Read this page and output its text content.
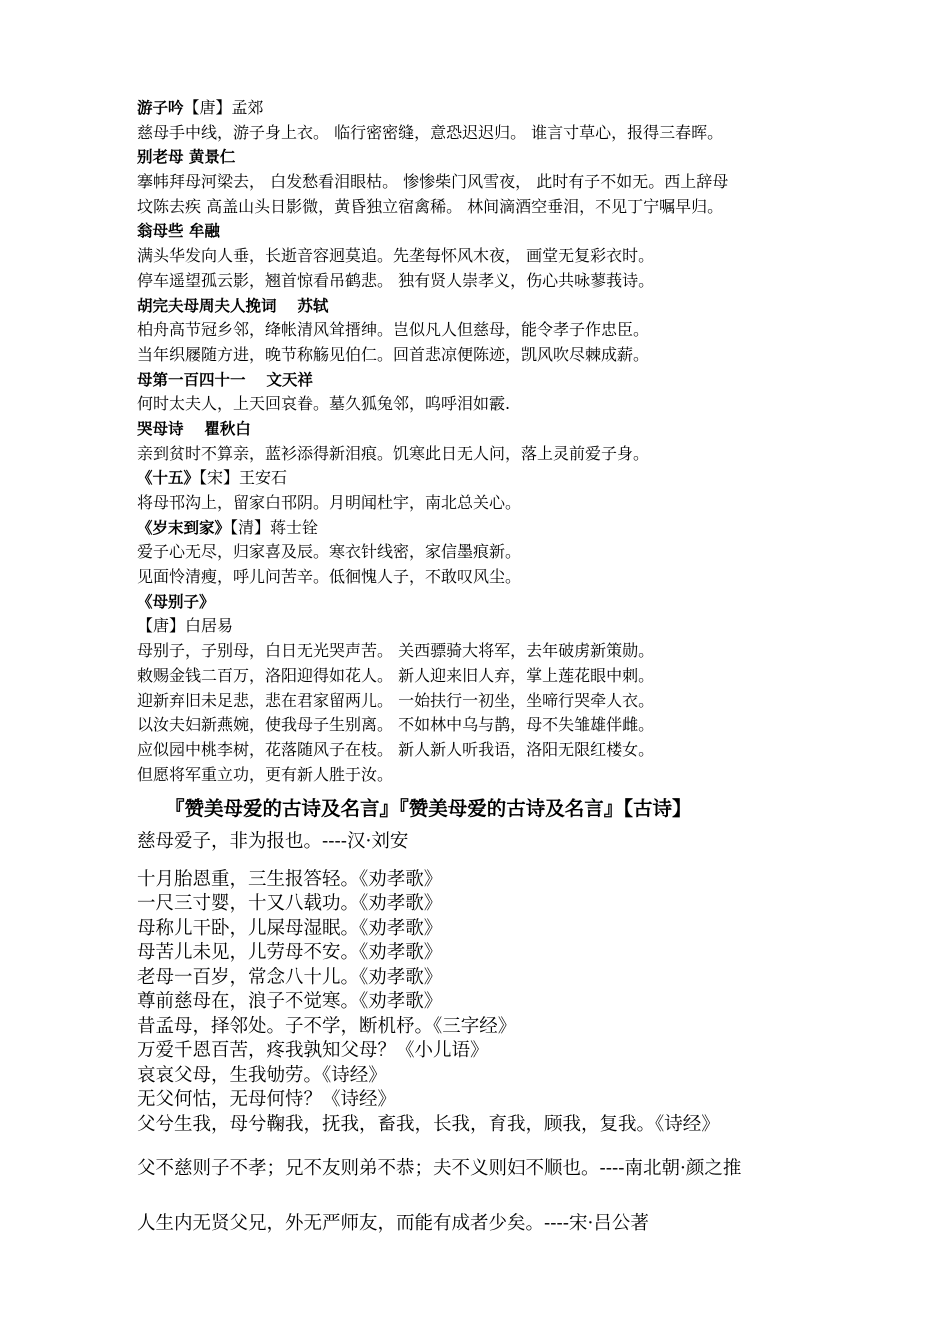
游子吟【唐】孟郊
慈母手中线，游子身上衣。 临行密密缝，意恐迟迟归。 谁言寸草心，报得三春晖。
别老母 黄景仁
搴帏拜母河梁去， 白发愁看泪眼枯。 惨惨柴门风雪夜， 此时有子不如无。西上辞母
坟陈去疾 高盖山头日影微，黄昏独立宿禽稀。 林间滴酒空垂泪，不见丁宁嘱早归。
翁母些 牟融
满头华发向人垂，长逝音容迥莫追。先垄每怀风木夜， 画堂无复彩衣时。
停车遥望孤云影，翘首惊看吊鹤悲。 独有贤人崇孝义，伤心共咏蓼莪诗。
胡完夫母周夫人挽词　 苏轼
柏舟高节冠乡邻，绛帐清风耸搢绅。岂似凡人但慈母，能令孝子作忠臣。
当年织屦随方进，晚节称觞见伯仁。回首悲凉便陈迹，凯风吹尽棘成薪。
母第一百四十一　 文天祥
何时太夫人，上天回哀眷。墓久狐兔邻，呜呼泪如霰.
哭母诗　 瞿秋白
亲到贫时不算亲，蓝衫添得新泪痕。饥寒此日无人问，落上灵前爱子身。
《十五》【宋】王安石
将母邗沟上，留家白邗阴。月明闻杜宇，南北总关心。
《岁末到家》【清】蒋士铨
爱子心无尽，归家喜及辰。寒衣针线密，家信墨痕新。
见面怜清瘦，呼儿问苦辛。低徊愧人子，不敢叹风尘。
《母别子》
【唐】白居易
母别子，子别母，白日无光哭声苦。 关西骠骑大将军，去年破虏新策勋。
敕赐金钱二百万，洛阳迎得如花人。 新人迎来旧人弃，掌上莲花眼中刺。
迎新弃旧未足悲，悲在君家留两儿。 一始扶行一初坐，坐啼行哭牵人衣。
以汝夫妇新燕婉，使我母子生别离。 不如林中乌与鹊，母不失雏雄伴雌。
应似园中桃李树，花落随风子在枝。 新人新人听我语，洛阳无限红楼女。
但愿将军重立功，更有新人胜于汝。
『赞美母爱的古诗及名言』『赞美母爱的古诗及名言』【古诗】
慈母爱子，非为报也。----汉·刘安
十月胎恩重，三生报答轻。《劝孝歌》
一尺三寸婴，十又八载功。《劝孝歌》
母称儿干卧，儿屎母湿眠。《劝孝歌》
母苦儿未见，儿劳母不安。《劝孝歌》
老母一百岁，常念八十儿。《劝孝歌》
尊前慈母在，浪子不觉寒。《劝孝歌》
昔孟母，择邻处。子不学，断机杼。《三字经》
万爱千恩百苦，疼我孰知父母？《小儿语》
哀哀父母，生我劬劳。《诗经》
无父何怙，无母何恃？《诗经》
父兮生我，母兮鞠我，抚我，畜我，长我，育我，顾我，复我。《诗经》
父不慈则子不孝；兄不友则弟不恭；夫不义则妇不顺也。----南北朝·颜之推
人生内无贤父兄，外无严师友，而能有成者少矣。----宋·吕公著
